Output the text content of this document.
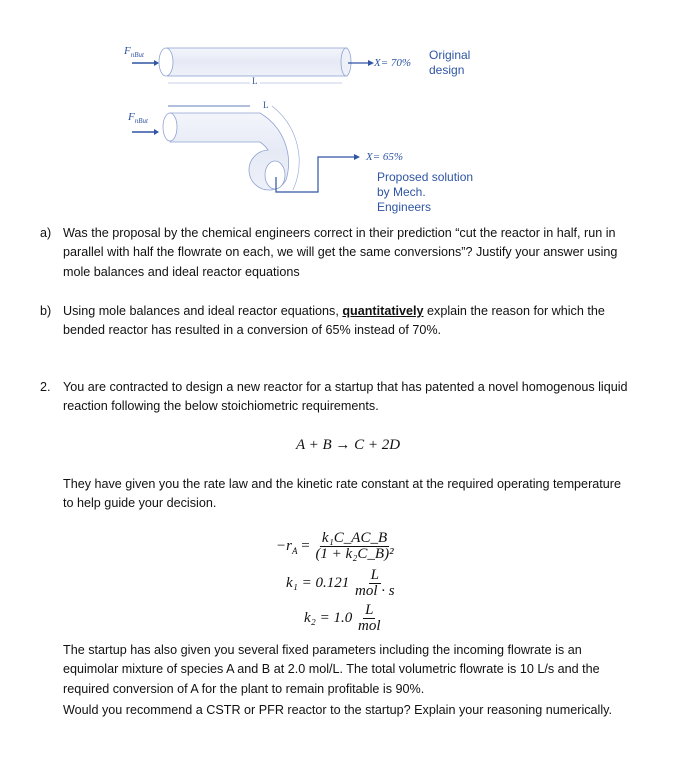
$F_{nBut}$
$F_{nBut}$
L
L
X= 70%
X= 65%
Original
design
Proposed solution
by Mech.
Engineers
a) Was the proposal by the chemical engineers correct in their prediction “cut the reactor in half, run in parallel with half the flowrate on each, we will get the same conversions”? Justify your answer using mole balances and ideal reactor equations
b) Using mole balances and ideal reactor equations, quantitatively explain the reason for which the bended reactor has resulted in a conversion of 65% instead of 70%.
2. You are contracted to design a new reactor for a startup that has patented a novel homogenous liquid reaction following the below stoichiometric requirements.
A + B → C + 2D
They have given you the rate law and the kinetic rate constant at the required operating temperature to help guide your decision.
$-r_A = \frac{\text{k₁C\_AC\_B}}{\text{(1 + k₂C\_B)²}}$
$k_1 = 0.121 \frac{L}{\text{mol · s}}$
$k_2 = 1.0 \frac{L}{\text{mol}}$
The startup has also given you several fixed parameters including the incoming flowrate is an equimolar mixture of species A and B at 2.0 mol/L. The total volumetric flowrate is 10 L/s and the required conversion of A for the plant to remain profitable is 90%.
Would you recommend a CSTR or PFR reactor to the startup? Explain your reasoning numerically.
